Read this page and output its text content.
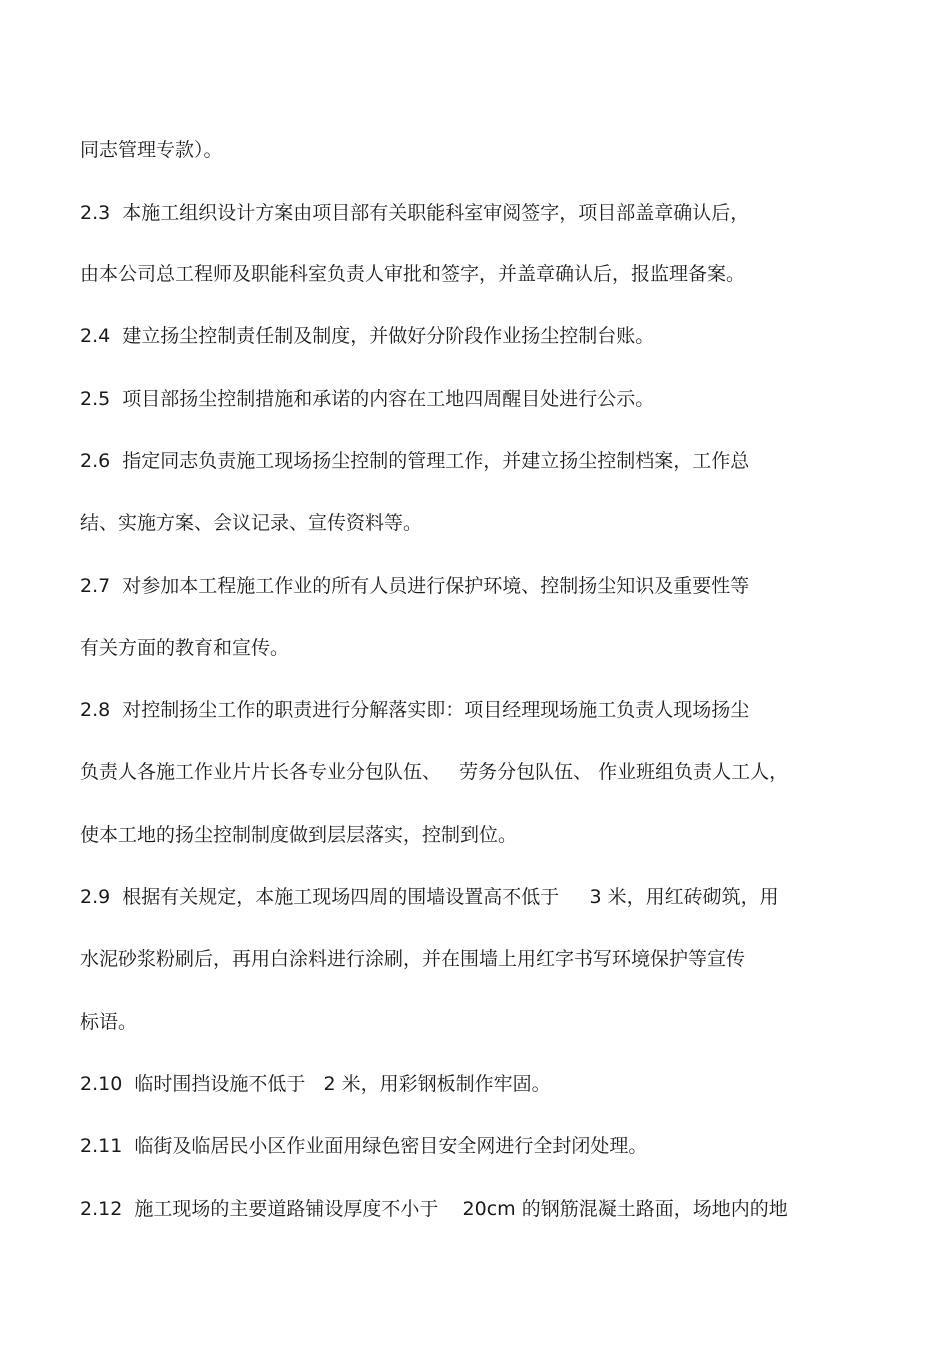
同志管理专款）。
2.3  本施工组织设计方案由项目部有关职能科室审阅签字，项目部盖章确认后，
由本公司总工程师及职能科室负责人审批和签字，并盖章确认后，报监理备案。
2.4  建立扬尘控制责任制及制度，并做好分阶段作业扬尘控制台账。
2.5  项目部扬尘控制措施和承诺的内容在工地四周醒目处进行公示。
2.6  指定同志负责施工现场扬尘控制的管理工作，并建立扬尘控制档案，工作总
结、实施方案、会议记录、宣传资料等。
2.7  对参加本工程施工作业的所有人员进行保护环境、控制扬尘知识及重要性等
有关方面的教育和宣传。
2.8  对控制扬尘工作的职责进行分解落实即：项目经理现场施工负责人现场扬尘
负责人各施工作业片片长各专业分包队伍、   劳务分包队伍、 作业班组负责人工人，
使本工地的扬尘控制制度做到层层落实，控制到位。
2.9  根据有关规定，本施工现场四周的围墙设置高不低于     3 米，用红砖砌筑，用
水泥砂浆粉刷后，再用白涂料进行涂刷，并在围墙上用红字书写环境保护等宣传
标语。
2.10  临时围挡设施不低于   2 米，用彩钢板制作牢固。
2.11  临街及临居民小区作业面用绿色密目安全网进行全封闭处理。
2.12  施工现场的主要道路铺设厚度不小于    20cm 的钢筋混凝土路面，场地内的地
